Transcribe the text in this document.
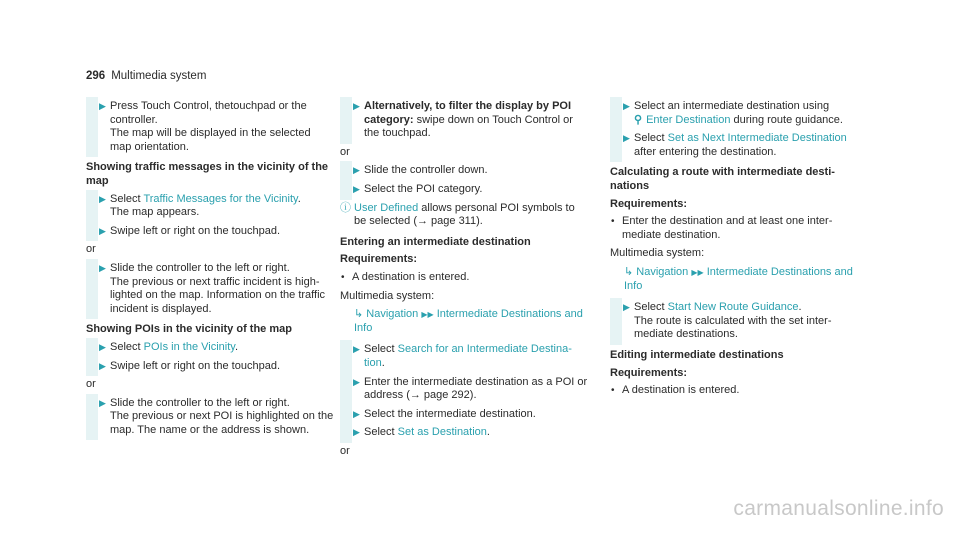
296 Multimedia system
▶ Press Touch Control, thetouchpad or the controller.
The map will be displayed in the selected map orientation.
Showing traffic messages in the vicinity of the map
▶ Select Traffic Messages for the Vicinity.
The map appears.
▶ Swipe left or right on the touchpad.
or
▶ Slide the controller to the left or right.
The previous or next traffic incident is highlighted on the map. Information on the traffic incident is displayed.
Showing POIs in the vicinity of the map
▶ Select POIs in the Vicinity.
▶ Swipe left or right on the touchpad.
or
▶ Slide the controller to the left or right.
The previous or next POI is highlighted on the map. The name or the address is shown.
▶ Alternatively, to filter the display by POI category: swipe down on Touch Control or the touchpad.
or
▶ Slide the controller down.
▶ Select the POI category.
ⓘ User Defined allows personal POI symbols to be selected (→ page 311).
Entering an intermediate destination
Requirements:
• A destination is entered.
Multimedia system:
↳ Navigation ▶▶ Intermediate Destinations and Info
▶ Select Search for an Intermediate Destination.
▶ Enter the intermediate destination as a POI or address (→ page 292).
▶ Select the intermediate destination.
▶ Select Set as Destination.
or
▶ Select an intermediate destination using
⚲ Enter Destination during route guidance.
▶ Select Set as Next Intermediate Destination
after entering the destination.
Calculating a route with intermediate destinations
Requirements:
• Enter the destination and at least one intermediate destination.
Multimedia system:
↳ Navigation ▶▶ Intermediate Destinations and Info
▶ Select Start New Route Guidance.
The route is calculated with the set intermediate destinations.
Editing intermediate destinations
Requirements:
• A destination is entered.
carmanualsonline.info
